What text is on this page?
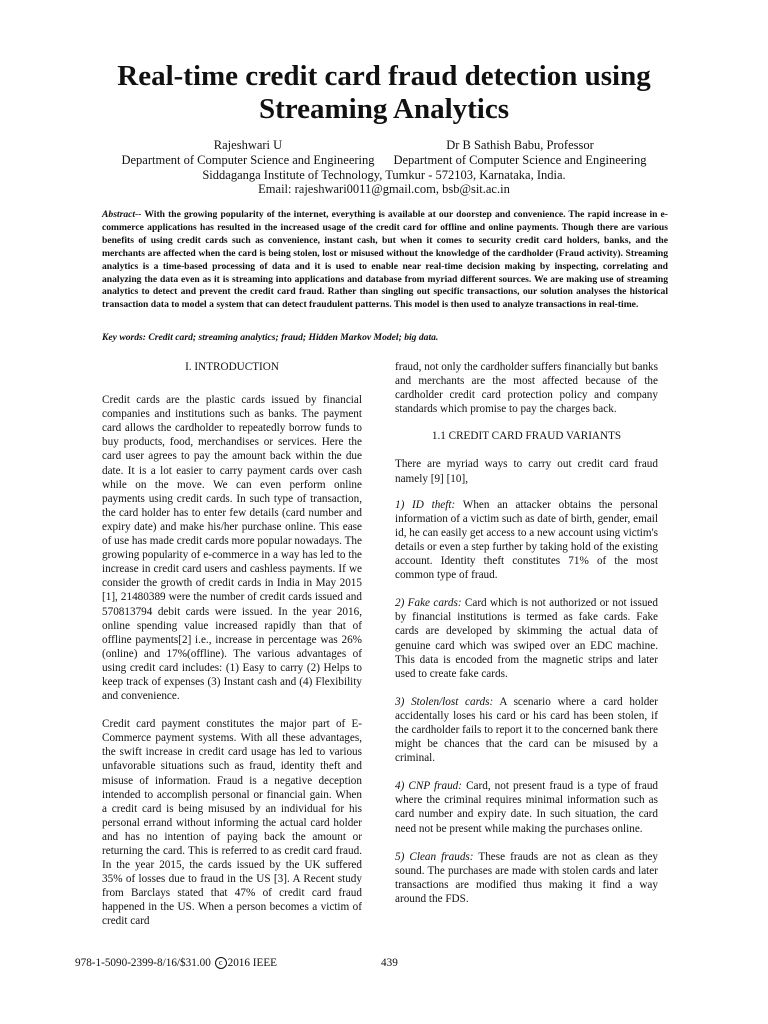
Real-time credit card fraud detection using
Streaming Analytics
Rajeshwari U	Dr B Sathish Babu, Professor
Department of Computer Science and Engineering Department of Computer Science and Engineering
Siddaganga Institute of Technology, Tumkur - 572103, Karnataka, India.
Email: rajeshwari0011@gmail.com, bsb@sit.ac.in

Abstract-- With the growing popularity of the internet, everything is available at our doorstep and convenience. The rapid increase in e-commerce applications has resulted in the increased usage of the credit card for offline and online payments. Though there are various benefits of using credit cards such as convenience, instant cash, but when it comes to security credit card holders, banks, and the merchants are affected when the card is being stolen, lost or misused without the knowledge of the cardholder (Fraud activity). Streaming analytics is a time-based processing of data and it is used to enable near real-time decision making by inspecting, correlating and analyzing the data even as it is streaming into applications and database from myriad different sources. We are making use of streaming analytics to detect and prevent the credit card fraud. Rather than singling out specific transactions, our solution analyses the historical transaction data to model a system that can detect fraudulent patterns. This model is then used to analyze transactions in real-time.

Key words: Credit card; streaming analytics; fraud; Hidden Markov Model; big data.

I. INTRODUCTION

Credit cards are the plastic cards issued by financial companies and institutions such as banks. The payment card allows the cardholder to repeatedly borrow funds to buy products, food, merchandises or services. Here the card user agrees to pay the amount back within the due date. It is a lot easier to carry payment cards over cash while on the move. We can even perform online payments using credit cards. In such type of transaction, the card holder has to enter few details (card number and expiry date) and make his/her purchase online. This ease of use has made credit cards more popular nowadays. The growing popularity of e-commerce in a way has led to the increase in credit card users and cashless payments. If we consider the growth of credit cards in India in May 2015 [1], 21480389 were the number of credit cards issued and 570813794 debit cards were issued. In the year 2016, online spending value increased rapidly than that of offline payments[2] i.e., increase in percentage was 26%(online) and 17%(offline). The various advantages of using credit card includes: (1) Easy to carry (2) Helps to keep track of expenses (3) Instant cash and (4) Flexibility and convenience.

Credit card payment constitutes the major part of E-Commerce payment systems. With all these advantages, the swift increase in credit card usage has led to various unfavorable situations such as fraud, identity theft and misuse of information. Fraud is a negative deception intended to accomplish personal or financial gain. When a credit card is being misused by an individual for his personal errand without informing the actual card holder and has no intention of paying back the amount or returning the card. This is referred to as credit card fraud. In the year 2015, the cards issued by the UK suffered 35% of losses due to fraud in the US [3]. A Recent study from Barclays stated that 47% of credit card fraud happened in the US. When a person becomes a victim of credit card

fraud, not only the cardholder suffers financially but banks and merchants are the most affected because of the cardholder credit card protection policy and company standards which promise to pay the charges back.

1.1 CREDIT CARD FRAUD VARIANTS

There are myriad ways to carry out credit card fraud namely [9] [10],

1) ID theft: When an attacker obtains the personal information of a victim such as date of birth, gender, email id, he can easily get access to a new account using victim's details or even a step further by taking hold of the existing account. Identity theft constitutes 71% of the most common type of fraud.

2) Fake cards: Card which is not authorized or not issued by financial institutions is termed as fake cards. Fake cards are developed by skimming the actual data of genuine card which was swiped over an EDC machine. This data is encoded from the magnetic strips and later used to create fake cards.

3) Stolen/lost cards: A scenario where a card holder accidentally loses his card or his card has been stolen, if the cardholder fails to report it to the concerned bank there might be chances that the card can be misused by a criminal.

4) CNP fraud: Card, not present fraud is a type of fraud where the criminal requires minimal information such as card number and expiry date. In such situation, the card need not be present while making the purchases online.

5) Clean frauds: These frauds are not as clean as they sound. The purchases are made with stolen cards and later transactions are modified thus making it find a way around the FDS.

978-1-5090-2399-8/16/$31.00 c 2016 IEEE	439
